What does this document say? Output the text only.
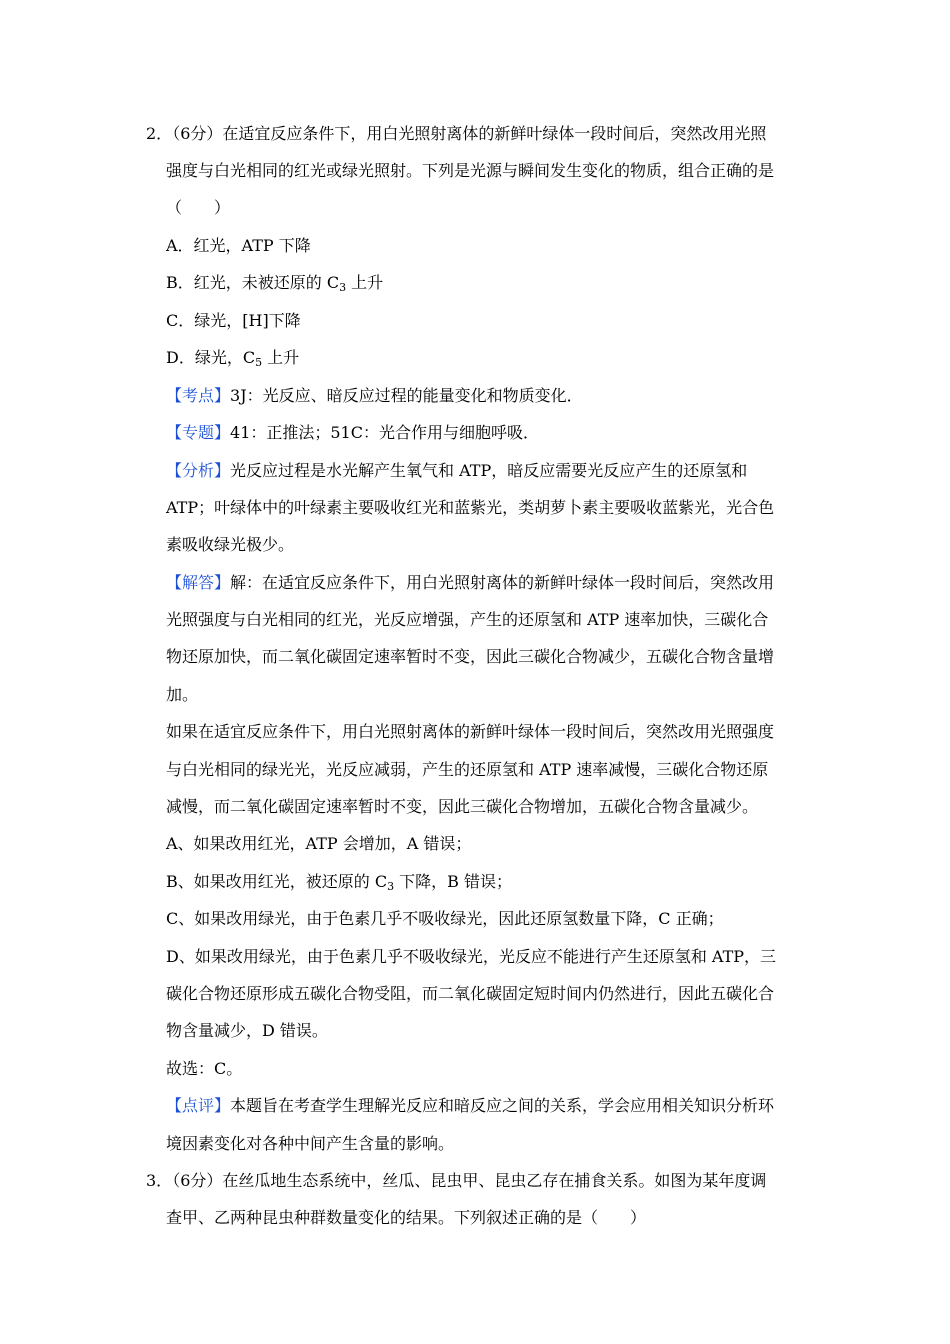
2．（6分）在适宜反应条件下，用白光照射离体的新鲜叶绿体一段时间后，突然改用光照
强度与白光相同的红光或绿光照射。下列是光源与瞬间发生变化的物质，组合正确的是
（　　）
A．红光，ATP 下降
B．红光，未被还原的 $C_3$ 上升
C．绿光，[H]下降
D．绿光，$C_5$ 上升
【考点】3J：光反应、暗反应过程的能量变化和物质变化．
【专题】41：正推法；51C：光合作用与细胞呼吸．
【分析】光反应过程是水光解产生氧气和 ATP，暗反应需要光反应产生的还原氢和
ATP；叶绿体中的叶绿素主要吸收红光和蓝紫光，类胡萝卜素主要吸收蓝紫光，光合色
素吸收绿光极少。
【解答】解：在适宜反应条件下，用白光照射离体的新鲜叶绿体一段时间后，突然改用
光照强度与白光相同的红光，光反应增强，产生的还原氢和 ATP 速率加快，三碳化合
物还原加快，而二氧化碳固定速率暂时不变，因此三碳化合物减少，五碳化合物含量增
加。
如果在适宜反应条件下，用白光照射离体的新鲜叶绿体一段时间后，突然改用光照强度
与白光相同的绿光光，光反应减弱，产生的还原氢和 ATP 速率减慢，三碳化合物还原
减慢，而二氧化碳固定速率暂时不变，因此三碳化合物增加，五碳化合物含量减少。
A、如果改用红光，ATP 会增加，A 错误；
B、如果改用红光，被还原的 $C_3$ 下降，B 错误；
C、如果改用绿光，由于色素几乎不吸收绿光，因此还原氢数量下降，C 正确；
D、如果改用绿光，由于色素几乎不吸收绿光，光反应不能进行产生还原氢和 ATP，三
碳化合物还原形成五碳化合物受阻，而二氧化碳固定短时间内仍然进行，因此五碳化合
物含量减少，D 错误。
故选：C。
【点评】本题旨在考查学生理解光反应和暗反应之间的关系，学会应用相关知识分析环
境因素变化对各种中间产生含量的影响。
3．（6分）在丝瓜地生态系统中，丝瓜、昆虫甲、昆虫乙存在捕食关系。如图为某年度调
查甲、乙两种昆虫种群数量变化的结果。下列叙述正确的是（　　）
